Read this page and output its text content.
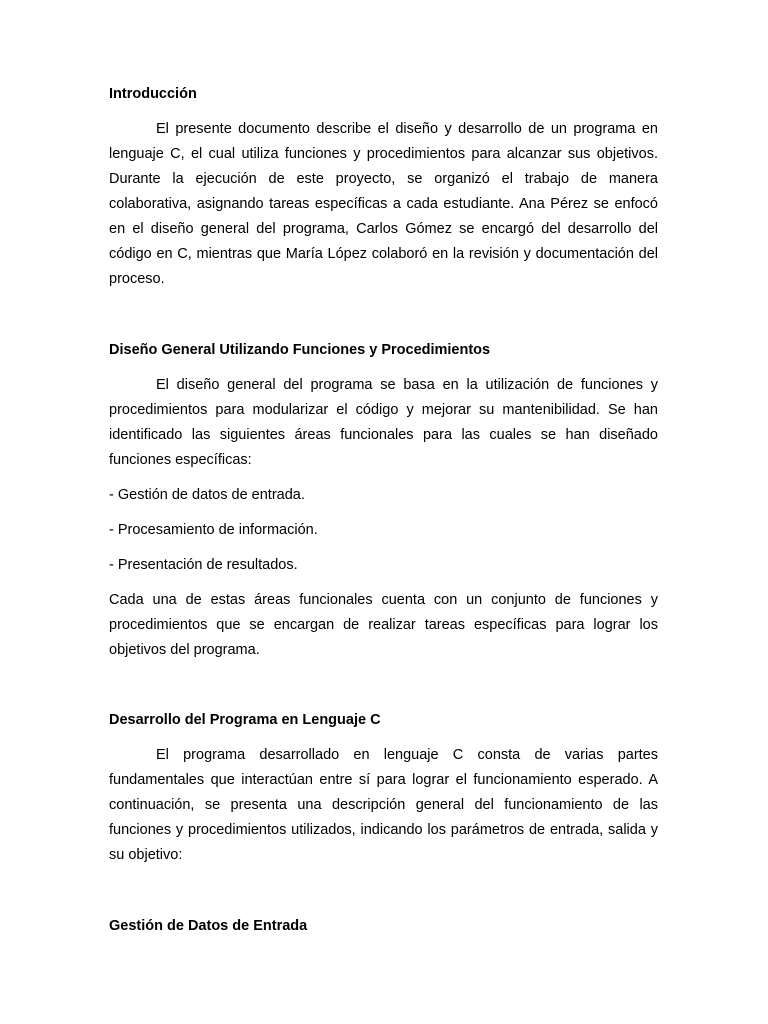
Introducción

El presente documento describe el diseño y desarrollo de un programa en lenguaje C, el cual utiliza funciones y procedimientos para alcanzar sus objetivos. Durante la ejecución de este proyecto, se organizó el trabajo de manera colaborativa, asignando tareas específicas a cada estudiante. Ana Pérez se enfocó en el diseño general del programa, Carlos Gómez se encargó del desarrollo del código en C, mientras que María López colaboró en la revisión y documentación del proceso.

Diseño General Utilizando Funciones y Procedimientos

El diseño general del programa se basa en la utilización de funciones y procedimientos para modularizar el código y mejorar su mantenibilidad. Se han identificado las siguientes áreas funcionales para las cuales se han diseñado funciones específicas:

- Gestión de datos de entrada.

- Procesamiento de información.

- Presentación de resultados.

Cada una de estas áreas funcionales cuenta con un conjunto de funciones y procedimientos que se encargan de realizar tareas específicas para lograr los objetivos del programa.

Desarrollo del Programa en Lenguaje C

El programa desarrollado en lenguaje C consta de varias partes fundamentales que interactúan entre sí para lograr el funcionamiento esperado. A continuación, se presenta una descripción general del funcionamiento de las funciones y procedimientos utilizados, indicando los parámetros de entrada, salida y su objetivo:

Gestión de Datos de Entrada
